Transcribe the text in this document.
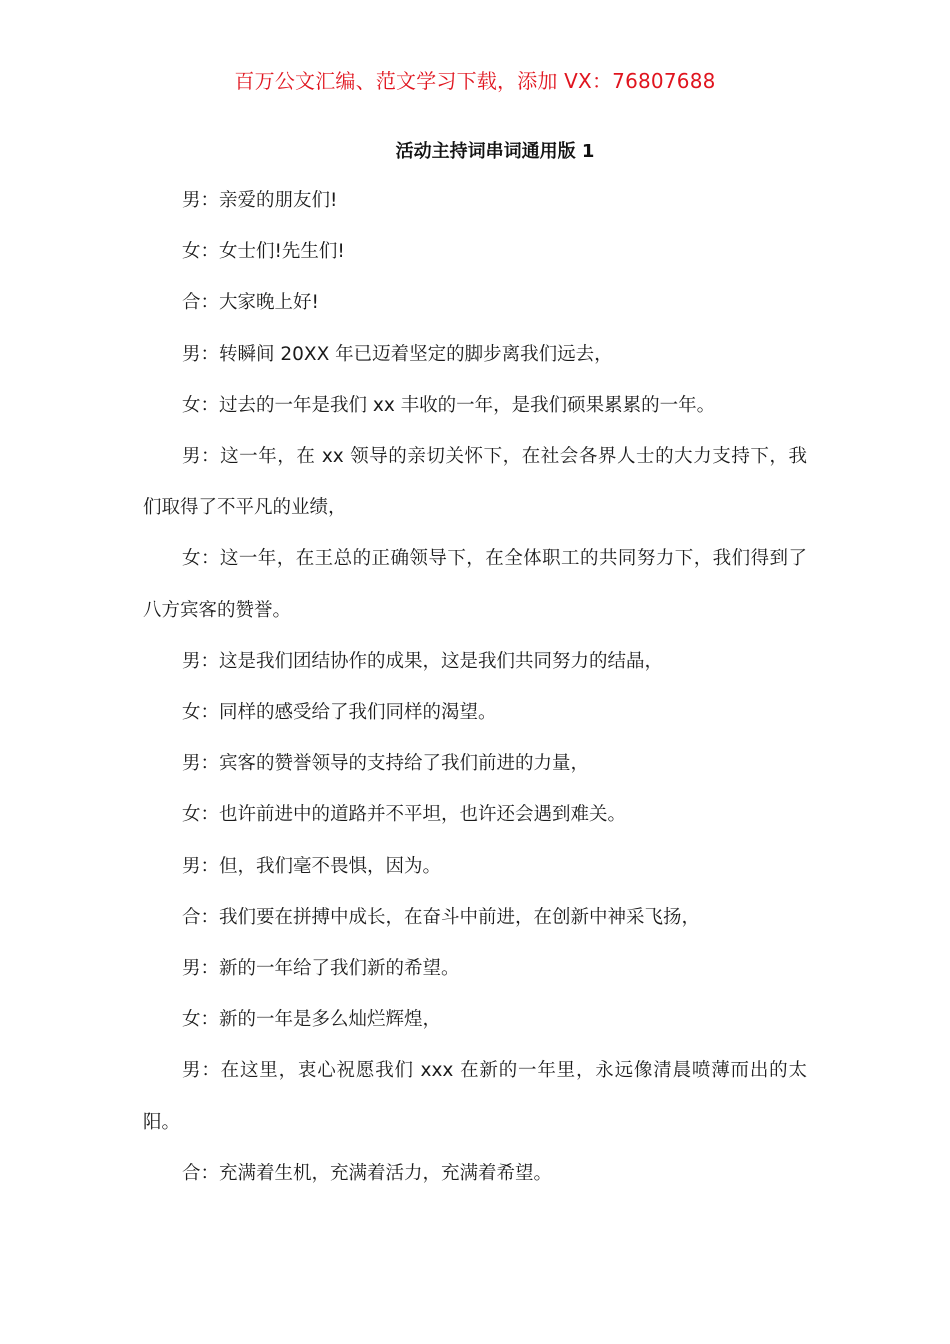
百万公文汇编、范文学习下载，添加 VX：76807688
活动主持词串词通用版 1

男：亲爱的朋友们!

女：女士们!先生们!

合：大家晚上好!

男：转瞬间 20XX 年已迈着坚定的脚步离我们远去，

女：过去的一年是我们 xx 丰收的一年，是我们硕果累累的一年。

男：这一年，在 xx 领导的亲切关怀下，在社会各界人士的大力支持下，我们取得了不平凡的业绩，

女：这一年，在王总的正确领导下，在全体职工的共同努力下，我们得到了八方宾客的赞誉。

男：这是我们团结协作的成果，这是我们共同努力的结晶，

女：同样的感受给了我们同样的渴望。

男：宾客的赞誉领导的支持给了我们前进的力量，

女：也许前进中的道路并不平坦，也许还会遇到难关。

男：但，我们毫不畏惧，因为。

合：我们要在拼搏中成长，在奋斗中前进，在创新中神采飞扬，

男：新的一年给了我们新的希望。

女：新的一年是多么灿烂辉煌，

男：在这里，衷心祝愿我们 xxx 在新的一年里，永远像清晨喷薄而出的太阳。

合：充满着生机，充满着活力，充满着希望。
